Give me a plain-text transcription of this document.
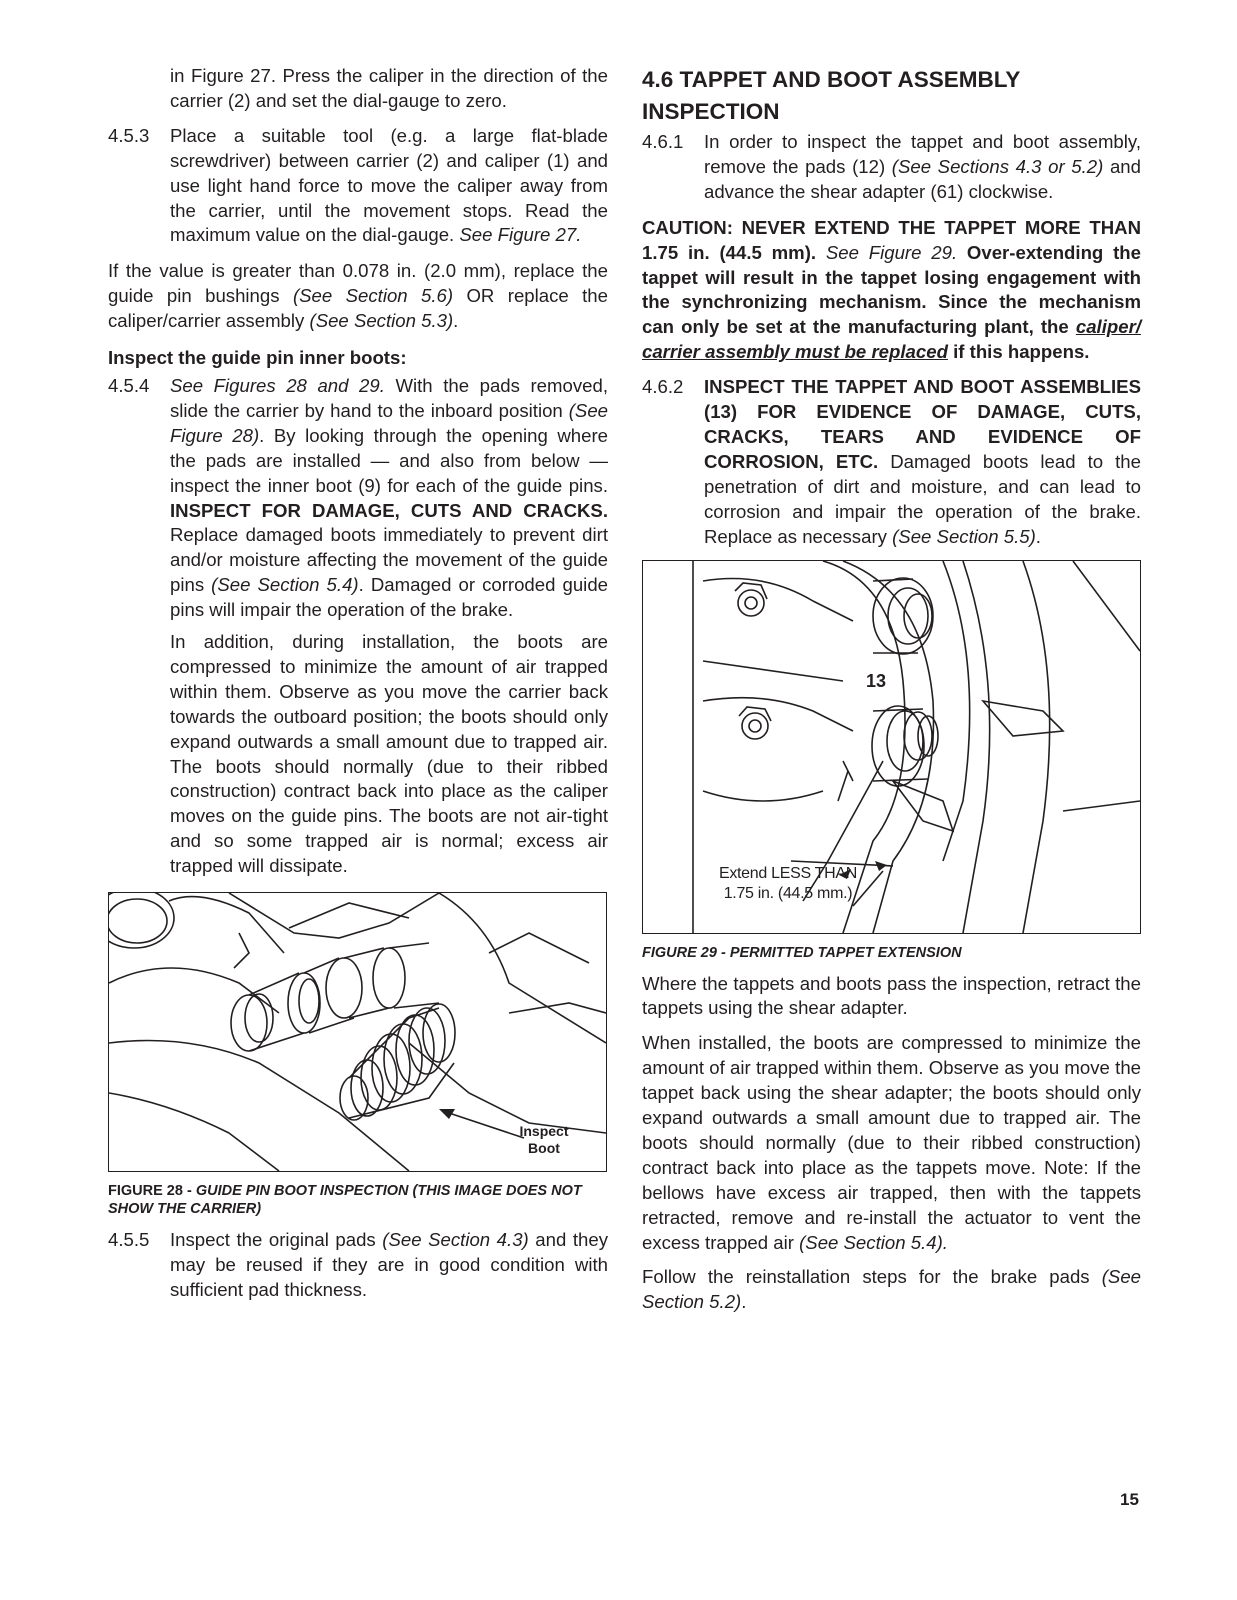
in Figure 27. Press the caliper in the direction of the carrier (2) and set the dial-gauge to zero.

4.5.3	Place a suitable tool (e.g. a large flat-blade screwdriver) between carrier (2) and caliper (1) and use light hand force to move the caliper away from the carrier, until the movement stops. Read the maximum value on the dial-gauge. See Figure 27.

If the value is greater than 0.078 in. (2.0 mm), replace the guide pin bushings (See Section 5.6) OR replace the caliper/carrier assembly (See Section 5.3).

Inspect the guide pin inner boots:
4.5.4	See Figures 28 and 29. With the pads removed, slide the carrier by hand to the inboard position (See Figure 28). By looking through the opening where the pads are installed — and also from below — inspect the inner boot (9) for each of the guide pins. INSPECT FOR DAMAGE, CUTS AND CRACKS. Replace damaged boots immediately to prevent dirt and/or moisture affecting the movement of the guide pins (See Section 5.4). Damaged or corroded guide pins will impair the operation of the brake.

In addition, during installation, the boots are compressed to minimize the amount of air trapped within them. Observe as you move the carrier back towards the outboard position; the boots should only expand outwards a small amount due to trapped air. The boots should normally (due to their ribbed construction) contract back into place as the caliper moves on the guide pins. The boots are not air-tight and so some trapped air is normal; excess air trapped will dissipate.

Inspect Boot
FIGURE 28 - GUIDE PIN BOOT INSPECTION (THIS IMAGE DOES NOT SHOW THE CARRIER)
4.5.5	Inspect the original pads (See Section 4.3) and they may be reused if they are in good condition with sufficient pad thickness.
4.6 TAPPET AND BOOT ASSEMBLY INSPECTION
4.6.1	In order to inspect the tappet and boot assembly, remove the pads (12) (See Sections 4.3 or 5.2) and advance the shear adapter (61) clockwise.

CAUTION: NEVER EXTEND THE TAPPET MORE THAN 1.75 in. (44.5 mm). See Figure 29. Over-extending the tappet will result in the tappet losing engagement with the synchronizing mechanism. Since the mechanism can only be set at the manufacturing plant, the caliper/ carrier assembly must be replaced if this happens.

4.6.2	INSPECT THE TAPPET AND BOOT ASSEMBLIES (13) FOR EVIDENCE OF DAMAGE, CUTS, CRACKS, TEARS AND EVIDENCE OF CORROSION, ETC. Damaged boots lead to the penetration of dirt and moisture, and can lead to corrosion and impair the operation of the brake. Replace as necessary (See Section 5.5).
13
Extend LESS THAN
1.75 in. (44.5 mm.)
FIGURE 29 - PERMITTED TAPPET EXTENSION

Where the tappets and boots pass the inspection, retract the tappets using the shear adapter.

When installed, the boots are compressed to minimize the amount of air trapped within them. Observe as you move the tappet back using the shear adapter; the boots should only expand outwards a small amount due to trapped air. The boots should normally (due to their ribbed construction) contract back into place as the tappets move. Note: If the bellows have excess air trapped, then with the tappets retracted, remove and re-install the actuator to vent the excess trapped air (See Section 5.4).

Follow the reinstallation steps for the brake pads (See Section 5.2).

15
